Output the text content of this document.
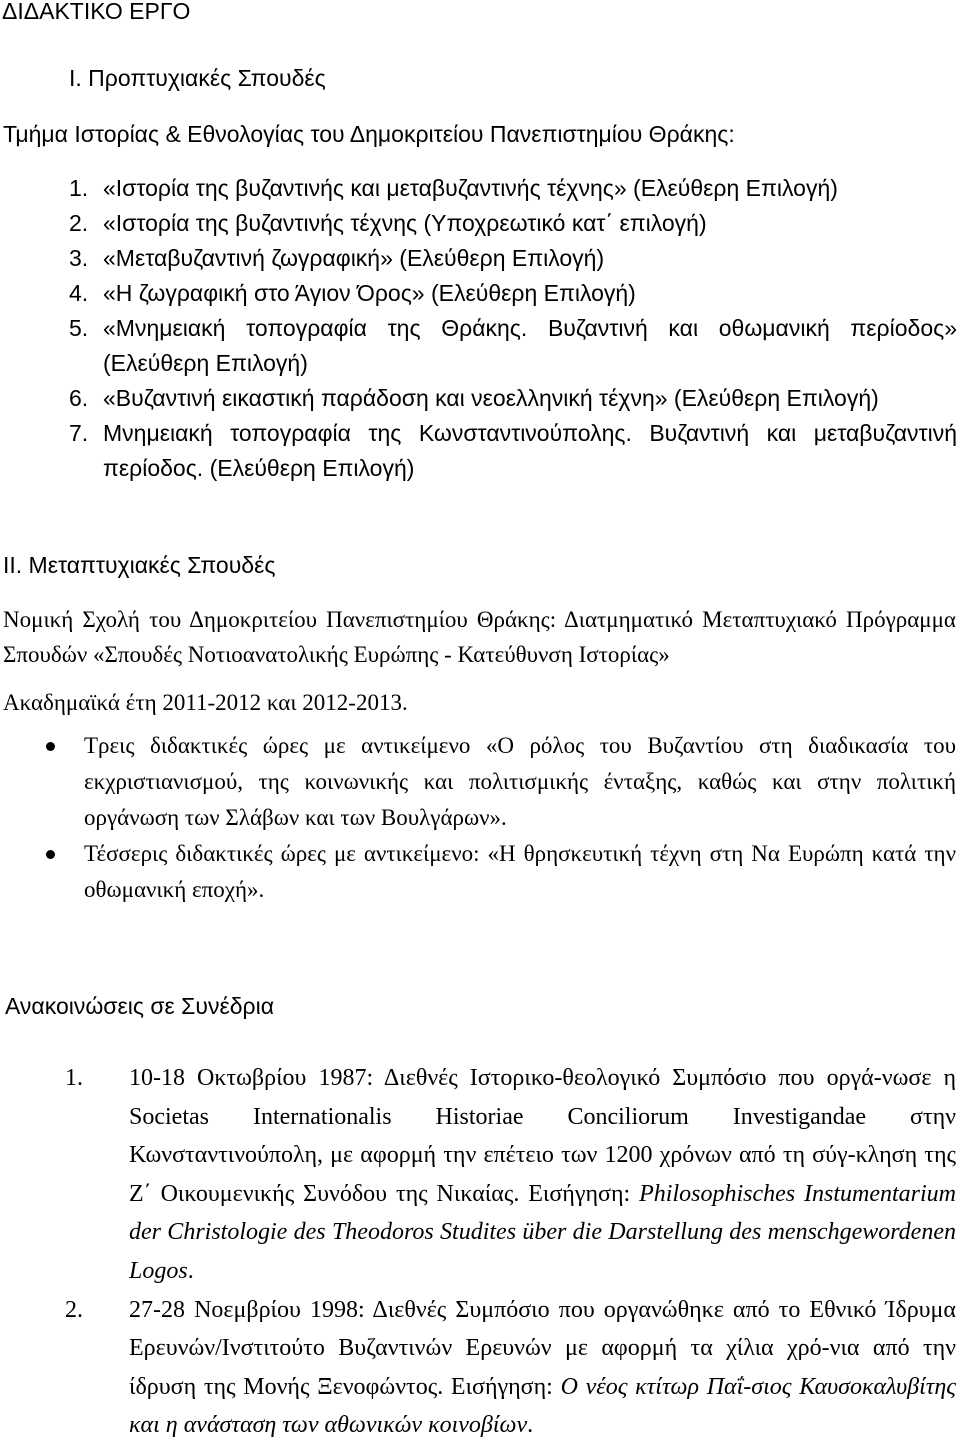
ΔΙΔΑΚΤΙΚΟ ΕΡΓΟ
I. Προπτυχιακές Σπουδές
Τμήμα Ιστορίας & Εθνολογίας του Δημοκριτείου Πανεπιστημίου Θράκης:
1. «Ιστορία της βυζαντινής και μεταβυζαντινής τέχνης» (Ελεύθερη Επιλογή)
2. «Ιστορία της βυζαντινής τέχνης (Υποχρεωτικό κατ΄ επιλογή)
3. «Μεταβυζαντινή ζωγραφική» (Ελεύθερη Επιλογή)
4. «Η ζωγραφική στο Άγιον Όρος» (Ελεύθερη Επιλογή)
5. «Μνημειακή τοπογραφία της Θράκης. Βυζαντινή και οθωμανική περίοδος»
(Ελεύθερη Επιλογή)
6. «Βυζαντινή εικαστική παράδοση και νεοελληνική τέχνη» (Ελεύθερη Επιλογή)
7. Μνημειακή τοπογραφία της Κωνσταντινούπολης. Βυζαντινή και μεταβυζαντινή
περίοδος. (Ελεύθερη Επιλογή)
II. Μεταπτυχιακές Σπουδές
Νομική Σχολή του Δημοκριτείου Πανεπιστημίου Θράκης: Διατμηματικό Μεταπτυχιακό Πρόγραμμα Σπουδών «Σπουδές Νοτιοανατολικής Ευρώπης - Κατεύθυνση Ιστορίας»
Ακαδημαϊκά έτη 2011-2012 και 2012-2013.
Τρεις διδακτικές ώρες με αντικείμενο «Ο ρόλος του Βυζαντίου στη διαδικασία του εκχριστιανισμού, της κοινωνικής και πολιτισμικής ένταξης, καθώς και στην πολιτική οργάνωση των Σλάβων και των Βουλγάρων».
Τέσσερις διδακτικές ώρες με αντικείμενο: «Η θρησκευτική τέχνη στη Να Ευρώπη κατά την οθωμανική εποχή».
Ανακοινώσεις σε Συνέδρια
1. 10-18 Οκτωβρίου 1987: Διεθνές Ιστορικο-θεολογικό Συμπόσιο που οργά-νωσε η Societas Internationalis Historiae Conciliorum Investigandae στην Κωνσταντινούπολη, με αφορμή την επέτειο των 1200 χρόνων από τη σύγ-κληση της Ζ΄ Οικουμενικής Συνόδου της Νικαίας. Εισήγηση: Philosophisches Instumentarium der Christologie des Theodoros Studites über die Darstellung des menschgewordenen Logos.
2. 27-28 Νοεμβρίου 1998: Διεθνές Συμπόσιο που οργανώθηκε από το Εθνικό Ίδρυμα Ερευνών/Ινστιτούτο Βυζαντινών Ερευνών με αφορμή τα χίλια χρό-νια από την ίδρυση της Μονής Ξενοφώντος. Εισήγηση: Ο νέος κτίτωρ Παΐ-σιος Καυσοκαλυβίτης και η ανάσταση των αθωνικών κοινοβίων.
